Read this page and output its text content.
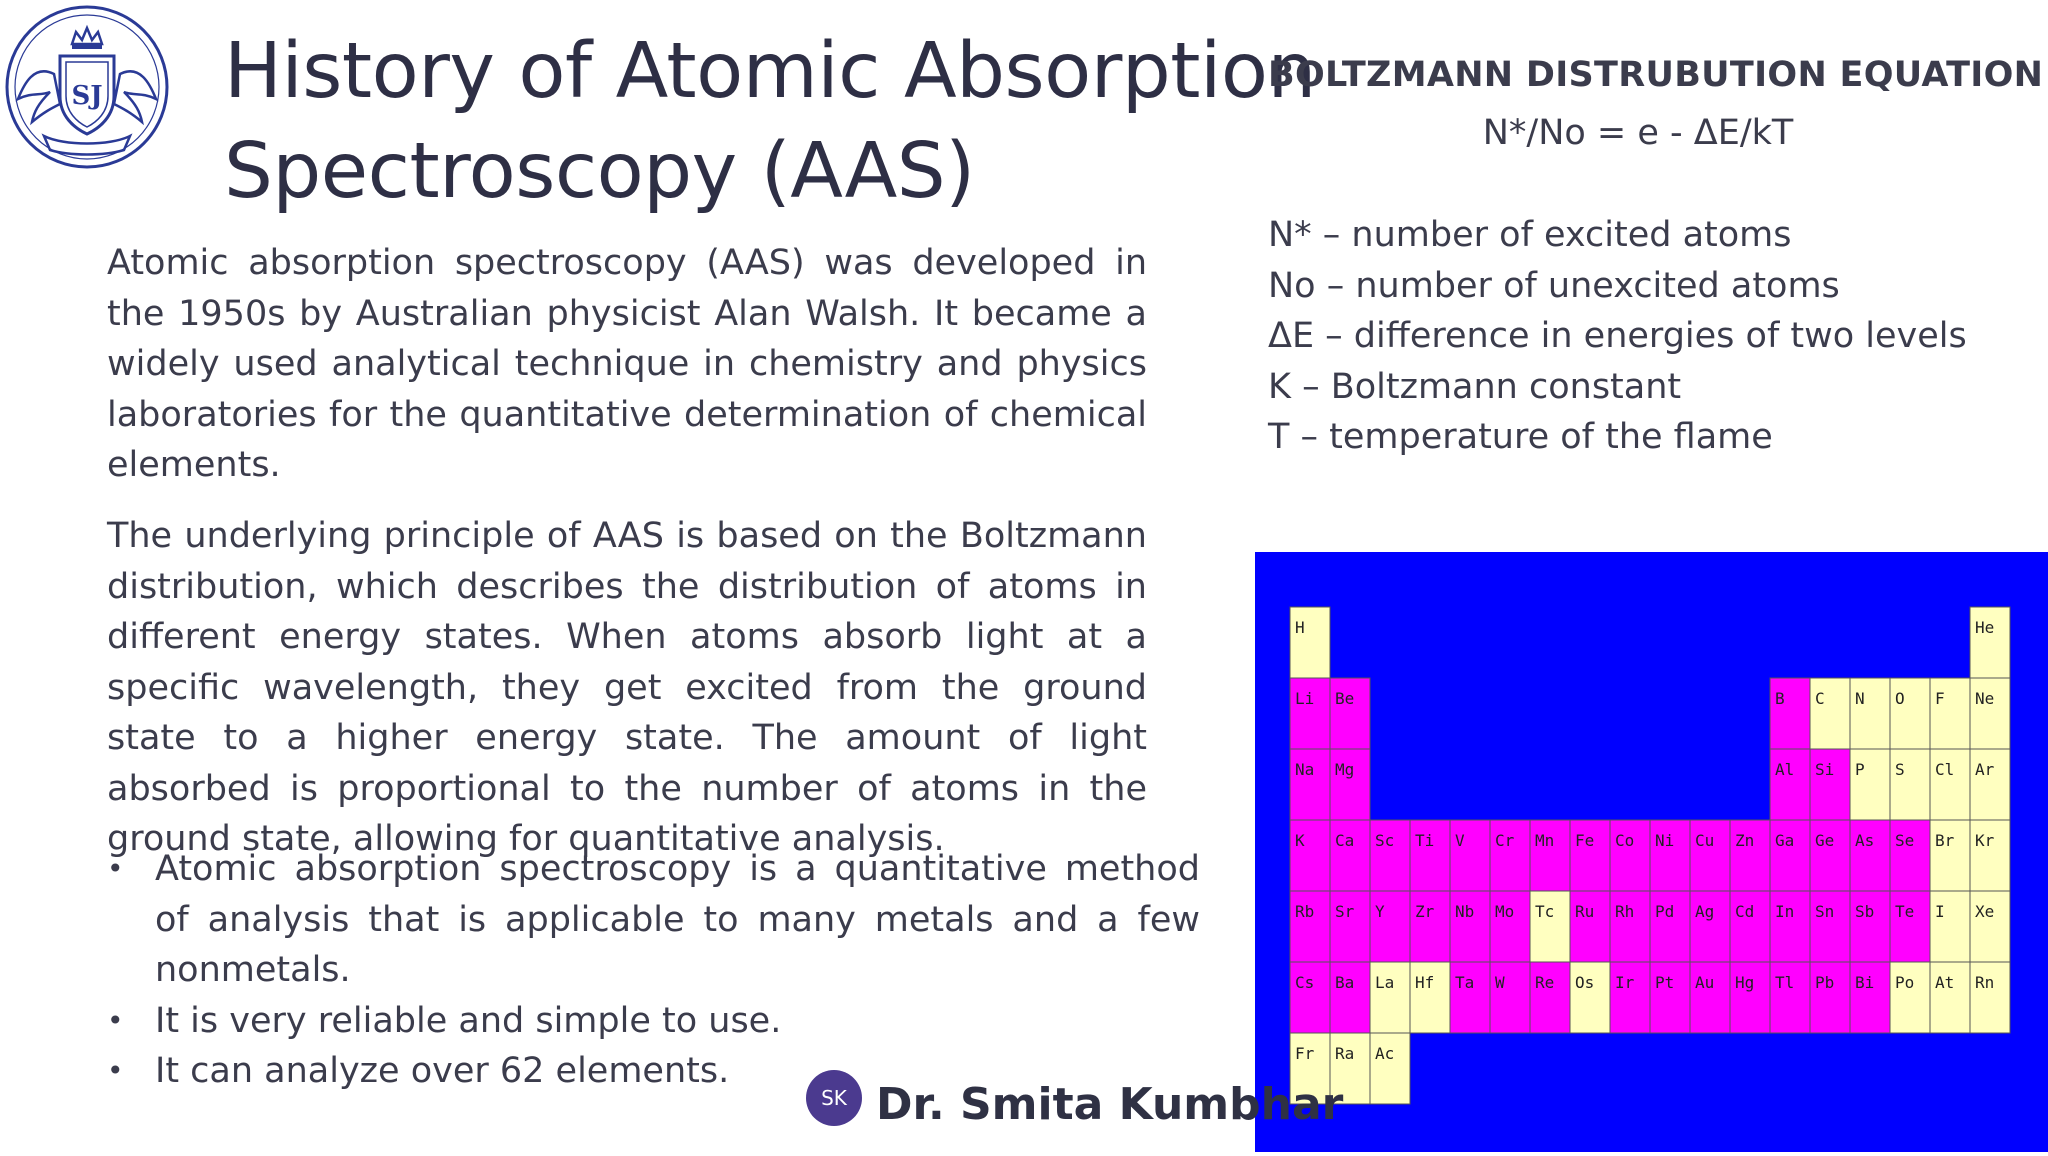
SJ History of Atomic Absorption
Spectroscopy (AAS)

Atomic absorption spectroscopy (AAS) was developed in the 1950s by Australian physicist Alan Walsh. It became a widely used analytical technique in chemistry and physics laboratories for the quantitative determination of chemical elements.

The underlying principle of AAS is based on the Boltzmann distribution, which describes the distribution of atoms in different energy states. When atoms absorb light at a specific wavelength, they get excited from the ground state to a higher energy state. The amount of light absorbed is proportional to the number of atoms in the ground state, allowing for quantitative analysis.

• Atomic absorption spectroscopy is a quantitative method of analysis that is applicable to many metals and a few nonmetals.
• It is very reliable and simple to use.
• It can analyze over 62 elements.
BOLTZMANN DISTRUBUTION EQUATION
N*/No = e - ΔE/kT
N* – number of excited atoms
No – number of unexcited atoms
ΔE – difference in energies of two levels
K – Boltzmann constant
T – temperature of the flame
H	He
Li Be	B C N O F Ne
Na Mg	Al Si P S Cl Ar
K Ca Sc Ti V Cr Mn Fe Co Ni Cu Zn Ga Ge As Se Br Kr
Rb Sr Y Zr Nb Mo Tc Ru Rh Pd Ag Cd In Sn Sb Te I Xe
Cs Ba La Hf Ta W Re Os Ir Pt Au Hg Tl Pb Bi Po At Rn
Fr Ra Ac
SK Dr. Smita Kumbhar
